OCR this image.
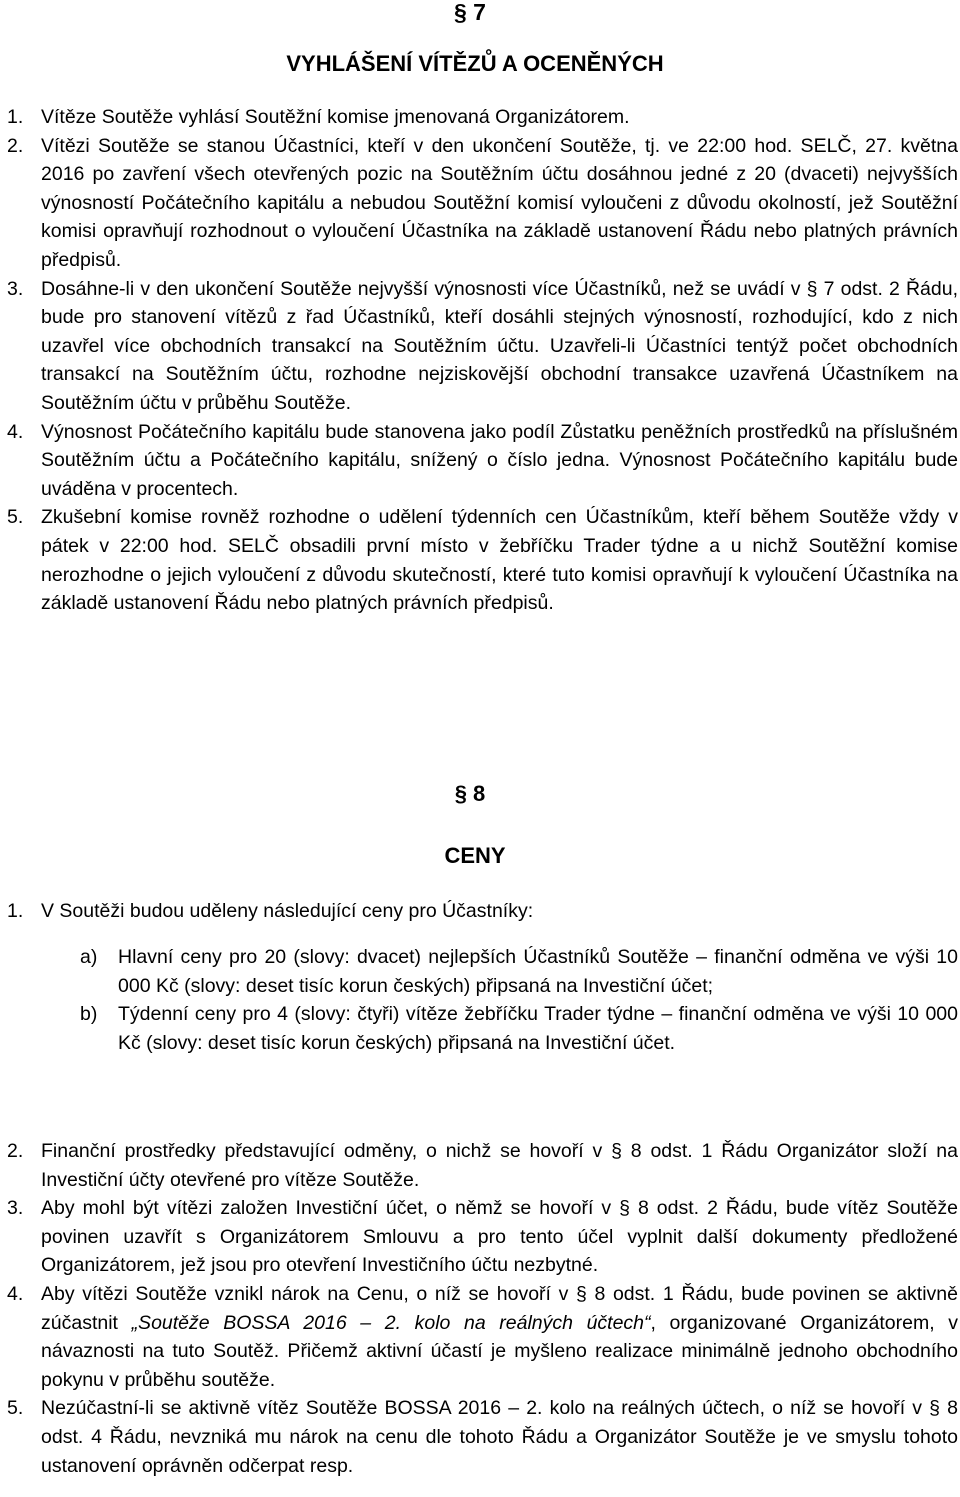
§ 7
VYHLÁŠENÍ VÍTĚZŮ A OCENĚNÝCH
1. Vítěze Soutěže vyhlásí Soutěžní komise jmenovaná Organizátorem.
2. Vítězi Soutěže se stanou Účastníci, kteří v den ukončení Soutěže, tj. ve 22:00 hod. SELČ, 27. května 2016 po zavření všech otevřených pozic na Soutěžním účtu dosáhnou jedné z 20 (dvaceti) nejvyšších výnosností Počátečního kapitálu a nebudou Soutěžní komisí vyloučeni z důvodu okolností, jež Soutěžní komisi opravňují rozhodnout o vyloučení Účastníka na základě ustanovení Řádu nebo platných právních předpisů.
3. Dosáhne-li v den ukončení Soutěže nejvyšší výnosnosti více Účastníků, než se uvádí v § 7 odst. 2 Řádu, bude pro stanovení vítězů z řad Účastníků, kteří dosáhli stejných výnosností, rozhodující, kdo z nich uzavřel více obchodních transakcí na Soutěžním účtu. Uzavřeli-li Účastníci tentýž počet obchodních transakcí na Soutěžním účtu, rozhodne nejziskovější obchodní transakce uzavřená Účastníkem na Soutěžním účtu v průběhu Soutěže.
4. Výnosnost Počátečního kapitálu bude stanovena jako podíl Zůstatku peněžních prostředků na příslušném Soutěžním účtu a Počátečního kapitálu, snížený o číslo jedna. Výnosnost Počátečního kapitálu bude uváděna v procentech.
5. Zkušební komise rovněž rozhodne o udělení týdenních cen Účastníkům, kteří během Soutěže vždy v pátek v 22:00 hod. SELČ obsadili první místo v žebříčku Trader týdne a u nichž Soutěžní komise nerozhodne o jejich vyloučení z důvodu skutečností, které tuto komisi opravňují k vyloučení Účastníka na základě ustanovení Řádu nebo platných právních předpisů.
§ 8
CENY
1. V Soutěži budou uděleny následující ceny pro Účastníky:
a) Hlavní ceny pro 20 (slovy: dvacet) nejlepších Účastníků Soutěže – finanční odměna ve výši 10 000 Kč (slovy: deset tisíc korun českých) připsaná na Investiční účet;
b) Týdenní ceny pro 4 (slovy: čtyři) vítěze žebříčku Trader týdne – finanční odměna ve výši 10 000 Kč (slovy: deset tisíc korun českých) připsaná na Investiční účet.
2. Finanční prostředky představující odměny, o nichž se hovoří v § 8 odst. 1 Řádu Organizátor složí na Investiční účty otevřené pro vítěze Soutěže.
3. Aby mohl být vítězi založen Investiční účet, o němž se hovoří v § 8 odst. 2 Řádu, bude vítěz Soutěže povinen uzavřít s Organizátorem Smlouvu a pro tento účel vyplnit další dokumenty předložené Organizátorem, jež jsou pro otevření Investičního účtu nezbytné.
4. Aby vítězi Soutěže vznikl nárok na Cenu, o níž se hovoří v § 8 odst. 1 Řádu, bude povinen se aktivně zúčastnit „Soutěže BOSSA 2016 – 2. kolo na reálných účtech“, organizované Organizátorem, v návaznosti na tuto Soutěž. Přičemž aktivní účastí je myšleno realizace minimálně jednoho obchodního pokynu v průběhu soutěže.
5. Nezúčastní-li se aktivně vítěz Soutěže BOSSA 2016 – 2. kolo na reálných účtech, o níž se hovoří v § 8 odst. 4 Řádu, nevzniká mu nárok na cenu dle tohoto Řádu a Organizátor Soutěže je ve smyslu tohoto ustanovení oprávněn odčerpat resp.
